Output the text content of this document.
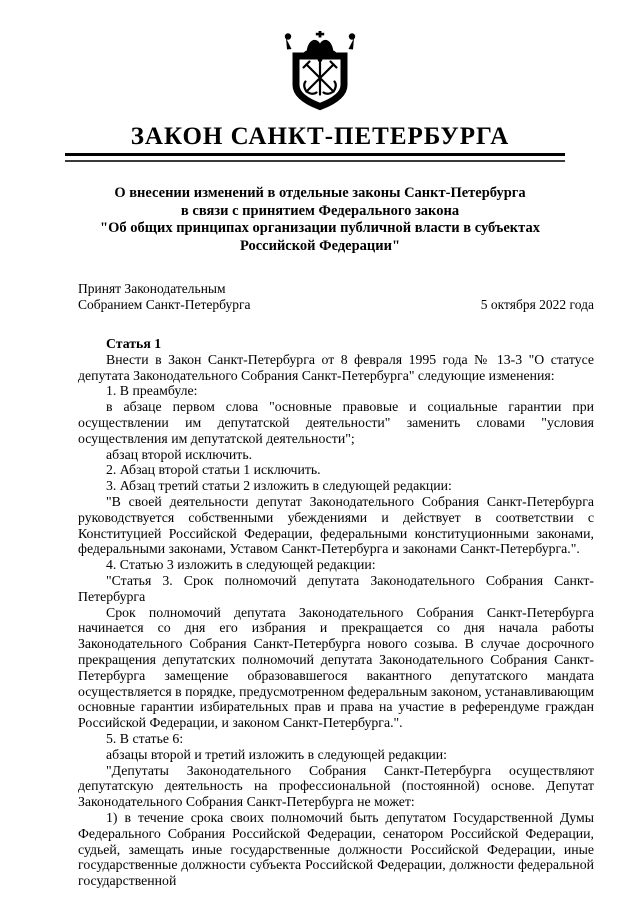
ЗАКОН САНКТ-ПЕТЕРБУРГА
О внесении изменений в отдельные законы Санкт-Петербурга
в связи с принятием Федерального закона
"Об общих принципах организации публичной власти в субъектах
Российской Федерации"
Принят Законодательным
Собранием Санкт-Петербурга	5 октября 2022 года

Статья 1

Внести в Закон Санкт-Петербурга от 8 февраля 1995 года № 13-3 "О статусе депутата Законодательного Собрания Санкт-Петербурга" следующие изменения:

1. В преамбуле:

в абзаце первом слова "основные правовые и социальные гарантии при осуществлении им депутатской деятельности" заменить словами "условия осуществления им депутатской деятельности";

абзац второй исключить.

2. Абзац второй статьи 1 исключить.

3. Абзац третий статьи 2 изложить в следующей редакции:

"В своей деятельности депутат Законодательного Собрания Санкт-Петербурга руководствуется собственными убеждениями и действует в соответствии с Конституцией Российской Федерации, федеральными конституционными законами, федеральными законами, Уставом Санкт-Петербурга и законами Санкт-Петербурга.".

4. Статью 3 изложить в следующей редакции:

"Статья 3. Срок полномочий депутата Законодательного Собрания Санкт-Петербурга

Срок полномочий депутата Законодательного Собрания Санкт-Петербурга начинается со дня его избрания и прекращается со дня начала работы Законодательного Собрания Санкт-Петербурга нового созыва. В случае досрочного прекращения депутатских полномочий депутата Законодательного Собрания Санкт-Петербурга замещение образовавшегося вакантного депутатского мандата осуществляется в порядке, предусмотренном федеральным законом, устанавливающим основные гарантии избирательных прав и права на участие в референдуме граждан Российской Федерации, и законом Санкт-Петербурга.".

5. В статье 6:

абзацы второй и третий изложить в следующей редакции:

"Депутаты Законодательного Собрания Санкт-Петербурга осуществляют депутатскую деятельность на профессиональной (постоянной) основе. Депутат Законодательного Собрания Санкт-Петербурга не может:

1) в течение срока своих полномочий быть депутатом Государственной Думы Федерального Собрания Российской Федерации, сенатором Российской Федерации, судьей, замещать иные государственные должности Российской Федерации, иные государственные должности субъекта Российской Федерации, должности федеральной государственной
